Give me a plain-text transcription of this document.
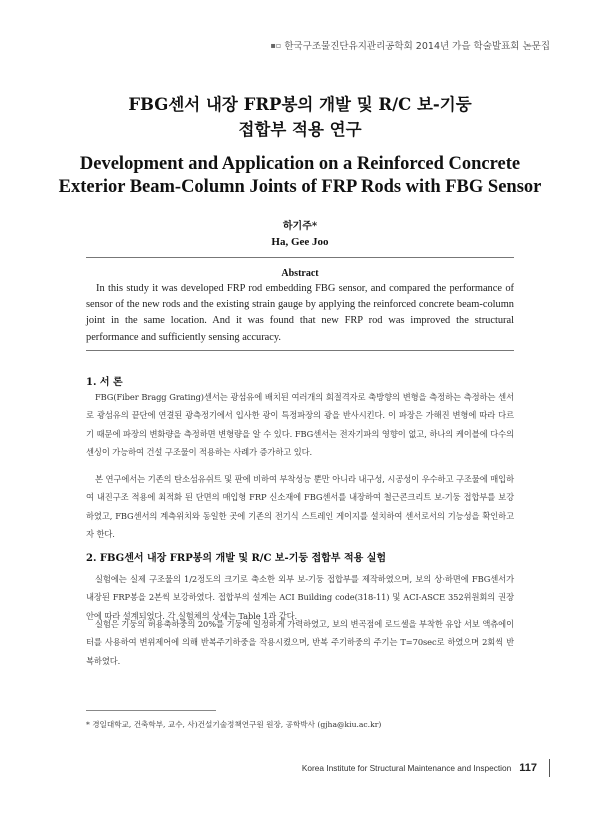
▪▫ 한국구조물진단유지관리공학회 2014년 가을 학술발표회 논문집
FBG센서 내장 FRP봉의 개발 및 R/C 보-기둥
접합부 적용 연구
Development and Application on a Reinforced Concrete
Exterior Beam-Column Joints of FRP Rods with FBG Sensor
하기주*
Ha, Gee Joo
Abstract

In this study it was developed FRP rod embedding FBG sensor, and compared the performance of sensor of the new rods and the existing strain gauge by applying the reinforced concrete beam-column joint in the same location. And it was found that new FRP rod was improved the structural performance and sufficiently sensing accuracy.

1. 서 론

FBG(Fiber Bragg Grating)센서는 광섬유에 배치된 여러개의 회절격자로 축방향의 변형을 측정하는 측정하는 센서로 광섬유의 끝단에 연결된 광측정기에서 입사한 광이 특정파장의 광을 반사시킨다. 이 파장은 가해진 변형에 따라 다르기 때문에 파장의 변화량을 측정하면 변형량을 알 수 있다. FBG센서는 전자기파의 영향이 없고, 하나의 케이블에 다수의 센싱이 가능하여 건설 구조물이 적용하는 사례가 증가하고 있다.

본 연구에서는 기존의 탄소섬유쉬트 및 판에 비하여 부착성능 뿐만 아니라 내구성, 시공성이 우수하고 구조물에 매입하여 내진구조 적용에 최적화 된 단면의 매입형 FRP 신소재에 FBG센서를 내장하여 철근콘크리트 보-기둥 접합부를 보강 하였고, FBG센서의 계측위치와 동일한 곳에 기존의 전기식 스트레인 게이지를 설치하여 센서로서의 기능성을 확인하고자 한다.

2. FBG센서 내장 FRP봉의 개발 및 R/C 보-기둥 접합부 적용 실험

실험에는 실제 구조물의 1/2정도의 크기로 축소한 외부 보-기둥 접합부를 제작하였으며, 보의 상·하면에 FBG센서가 내장된 FRP봉을 2본씩 보강하였다. 접합부의 설계는 ACI Building code(318-11) 및 ACI-ASCE 352위원회의 권장안에 따라 설계되었다. 각 실험체의 상세는 Table 1과 같다.

실험은 기둥의 허용축하중의 20%를 기둥에 일정하게 가력하였고, 보의 변곡점에 로드셀을 부착한 유압 서보 액츄에이터를 사용하여 변위제어에 의해 반복주기하중을 작용시켰으며, 반복 주기하중의 주기는 T=70sec로 하였으며 2회씩 반복하였다.

* 경일대학교, 건축학부, 교수, 사)건설기술정책연구원 원장, 공학박사 (gjha@kiu.ac.kr)

Korea Institute for Structural Maintenance and Inspection 117
